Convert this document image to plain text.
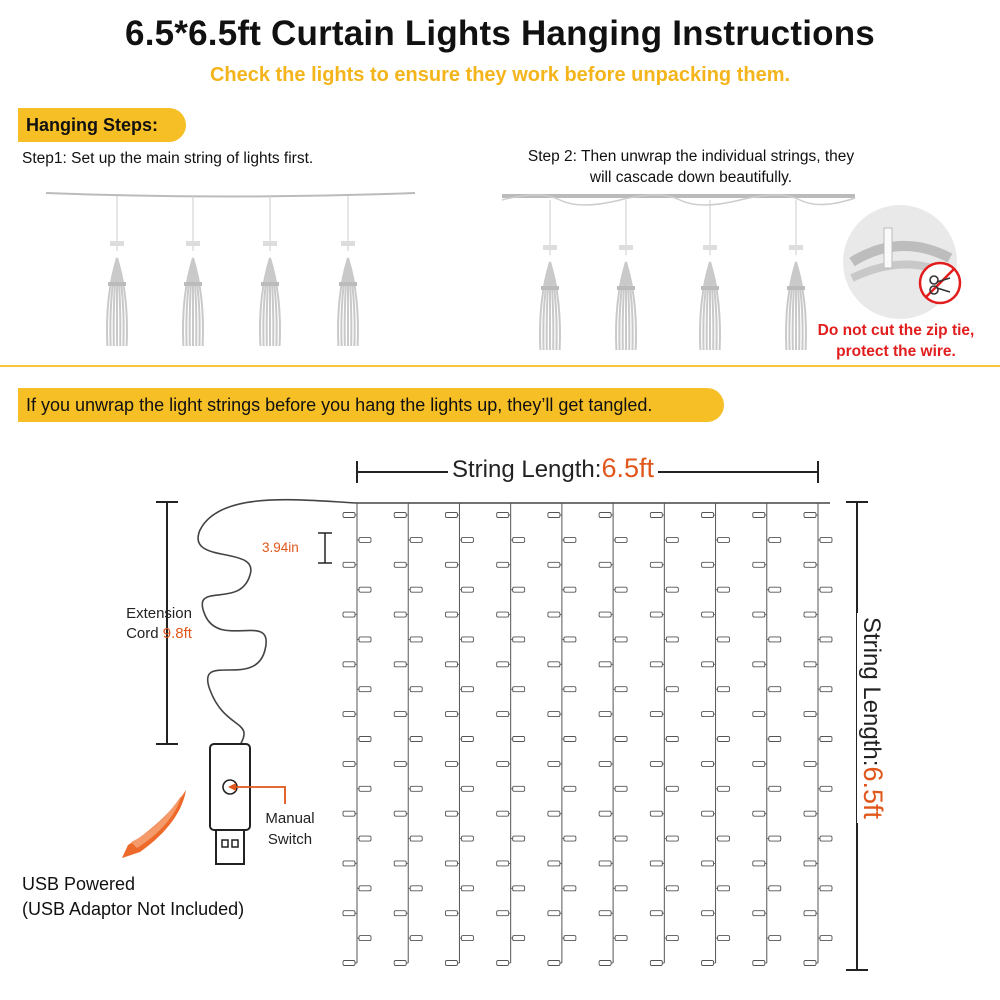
6.5*6.5ft Curtain Lights Hanging Instructions
Check the lights to ensure they work before unpacking them.
Hanging Steps:
Step1: Set up the main string of lights first.	Step 2: Then unwrap the individual strings, they
will cascade down beautifully.
Do not cut the zip tie,
protect the wire.
If you unwrap the light strings before you hang the lights up, they’ll get tangled.
String Length:6.5ft
String Length:6.5ft
3.94in
Extension
Cord 9.8ft
Manual
Switch
USB Powered
(USB Adaptor Not Included)
